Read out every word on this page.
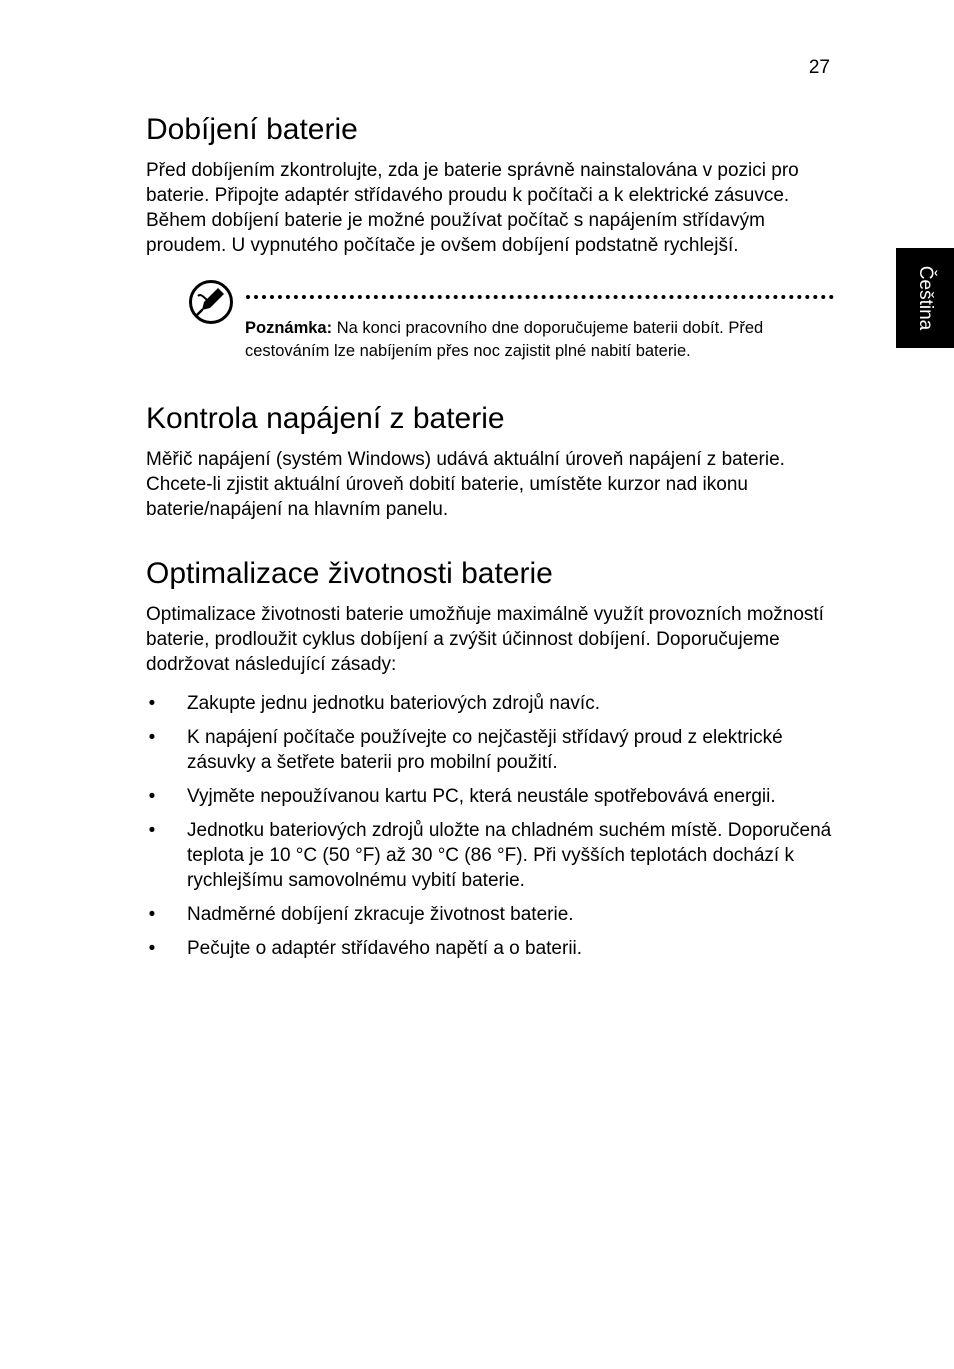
27
Čeština
Dobíjení baterie

Před dobíjením zkontrolujte, zda je baterie správně nainstalována v pozici pro baterie. Připojte adaptér střídavého proudu k počítači a k elektrické zásuvce. Během dobíjení baterie je možné používat počítač s napájením střídavým proudem. U vypnutého počítače je ovšem dobíjení podstatně rychlejší.

Poznámka: Na konci pracovního dne doporučujeme baterii dobít. Před cestováním lze nabíjením přes noc zajistit plné nabití baterie.
Kontrola napájení z baterie

Měřič napájení (systém Windows) udává aktuální úroveň napájení z baterie. Chcete-li zjistit aktuální úroveň dobití baterie, umístěte kurzor nad ikonu baterie/napájení na hlavním panelu.

Optimalizace životnosti baterie

Optimalizace životnosti baterie umožňuje maximálně využít provozních možností baterie, prodloužit cyklus dobíjení a zvýšit účinnost dobíjení. Doporučujeme dodržovat následující zásady:

• Zakupte jednu jednotku bateriových zdrojů navíc.
• K napájení počítače používejte co nejčastěji střídavý proud z elektrické zásuvky a šetřete baterii pro mobilní použití.
• Vyjměte nepoužívanou kartu PC, která neustále spotřebovává energii.
• Jednotku bateriových zdrojů uložte na chladném suchém místě. Doporučená teplota je 10 °C (50 °F) až 30 °C (86 °F). Při vyšších teplotách dochází k rychlejšímu samovolnému vybití baterie.
• Nadměrné dobíjení zkracuje životnost baterie.
• Pečujte o adaptér střídavého napětí a o baterii.
